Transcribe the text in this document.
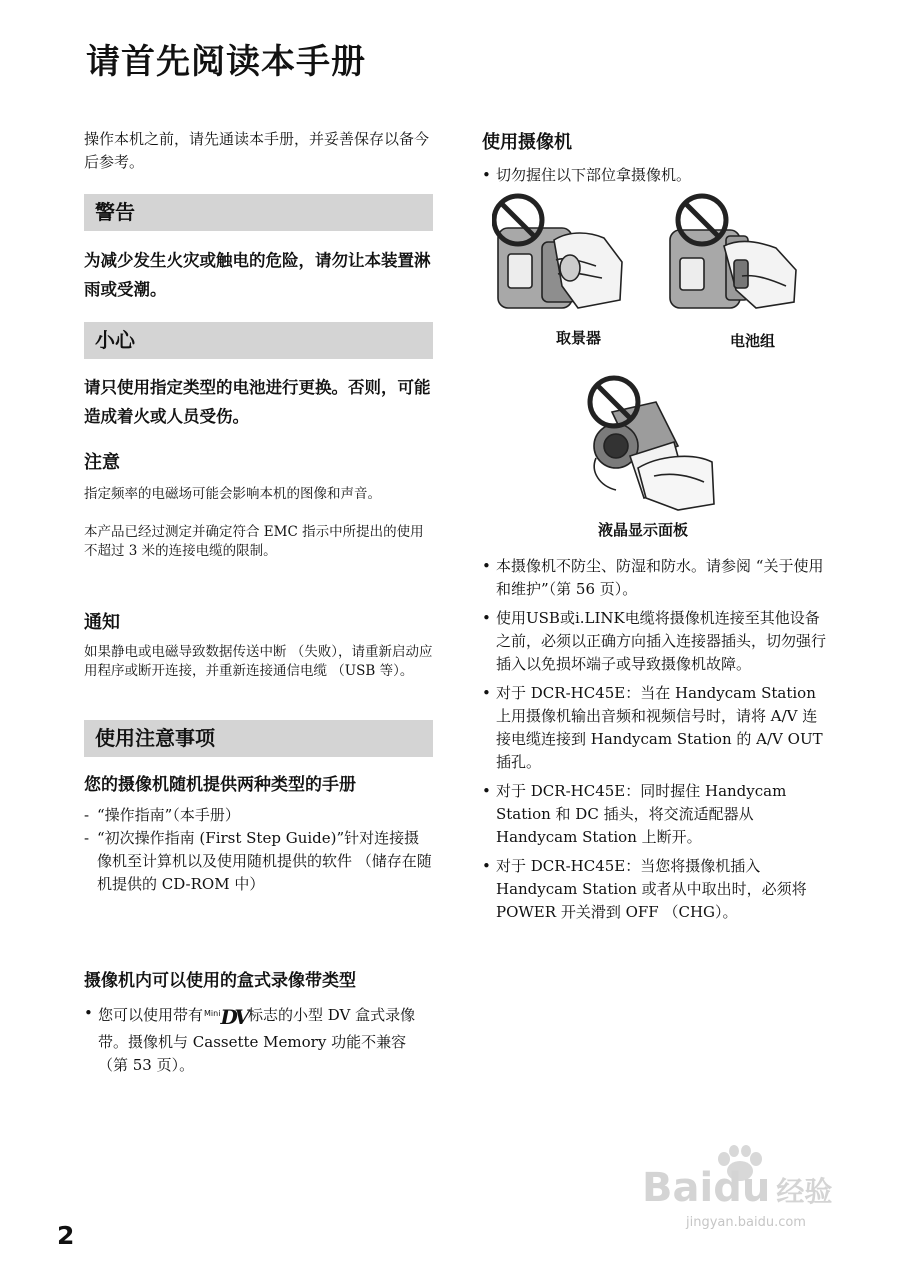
请首先阅读本手册

操作本机之前，请先通读本手册，并妥善保存以备今后参考。

警告

为减少发生火灾或触电的危险，请勿让本装置淋雨或受潮。

小心

请只使用指定类型的电池进行更换。否则，可能造成着火或人员受伤。

注意

指定频率的电磁场可能会影响本机的图像和声音。

本产品已经过测定并确定符合 EMC 指示中所提出的使用不超过 3 米的连接电缆的限制。

通知

如果静电或电磁导致数据传送中断 （失败），请重新启动应用程序或断开连接，并重新连接通信电缆 （USB 等）。

使用注意事项

您的摄像机随机提供两种类型的手册

- “操作指南”（本手册）

- “初次操作指南 (First Step Guide)”针对连接摄像机至计算机以及使用随机提供的软件 （储存在随机提供的 CD-ROM 中）

摄像机内可以使用的盒式录像带类型

• 您可以使用带有$^{Mini}$DV标志的小型 DV 盒式录像带。摄像机与 Cassette Memory 功能不兼容 （第 53 页）。

使用摄像机

• 切勿握住以下部位拿摄像机。

取景器	电池组
液晶显示面板

• 本摄像机不防尘、防湿和防水。请参阅 “关于使用和维护”（第 56 页）。

• 使用USB或i.LINK电缆将摄像机连接至其他设备之前，必须以正确方向插入连接器插头，切勿强行插入以免损坏端子或导致摄像机故障。

• 对于 DCR-HC45E：当在 Handycam Station 上用摄像机输出音频和视频信号时，请将 A/V 连接电缆连接到 Handycam Station 的 A/V OUT 插孔。

• 对于 DCR-HC45E：同时握住 Handycam Station 和 DC 插头，将交流适配器从 Handycam Station 上断开。

• 对于 DCR-HC45E：当您将摄像机插入 Handycam Station 或者从中取出时，必须将 POWER 开关滑到 OFF （CHG）。

2
Baidu 经验
jingyan.baidu.com
